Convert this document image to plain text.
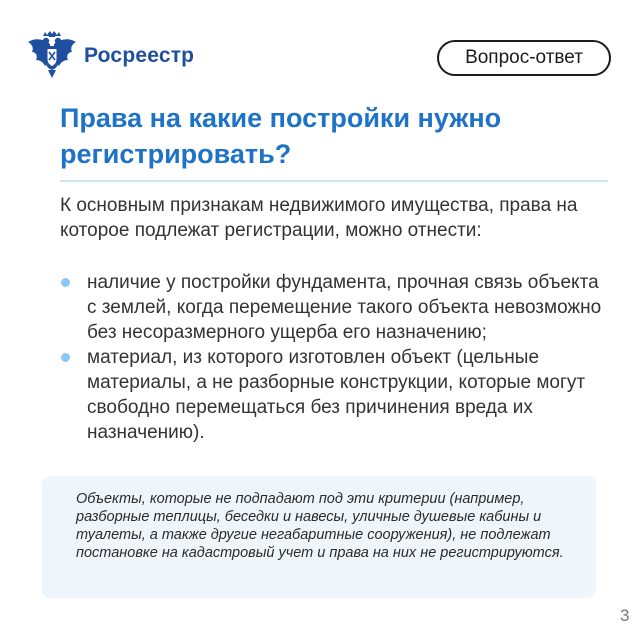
Росреестр	Вопрос-ответ
Права на какие постройки нужно регистрировать?

К основным признакам недвижимого имущества, права на которое подлежат регистрации, можно отнести:

наличие у постройки фундамента, прочная связь объекта с землей, когда перемещение такого объекта невозможно без несоразмерного ущерба его назначению;
материал, из которого изготовлен объект (цельные материалы, а не разборные конструкции, которые могут свободно перемещаться без причинения вреда их назначению).

Объекты, которые не подпадают под эти критерии (например, разборные теплицы, беседки и навесы, уличные душевые кабины и туалеты, а также другие негабаритные сооружения), не подлежат постановке на кадастровый учет и права на них не регистрируются.

3
